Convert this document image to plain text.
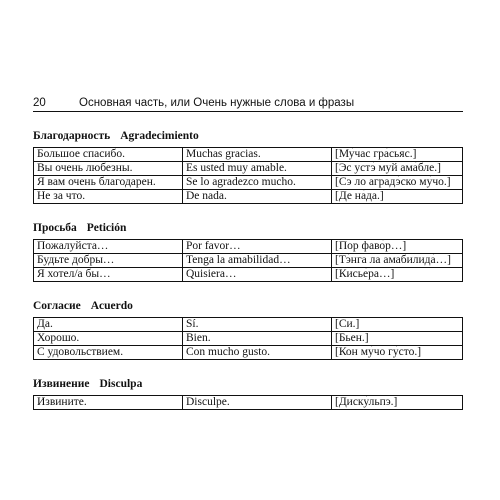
20	Основная часть, или Очень нужные слова и фразы
Благодарность Agradecimiento
Большое спасибо.	Muchas gracias.	[Му́час гра́сьяс.]
Вы очень любезны.	Es usted muy amable.	[Эс устэ́ муй ама́бле.]
Я вам очень благодарен.	Se lo agradezco mucho.	[Сэ ло аградэ́ско му́чо.]
Не за что.	De nada.	[Де на́да.]
Просьба Petición
Пожалуйста…	Por favor…	[Пор фаво́р…]
Будьте добры…	Tenga la amabilidad…	[Тэ́нга ла амабилида́…]
Я хотел/а бы…	Quisiera…	[Кисье́ра…]
Согласие Acuerdo
Да.	Sí.	[Си.]
Хорошо.	Bien.	[Бьен.]
С удовольствием.	Con mucho gusto.	[Кон му́чо гу́сто.]
Извинение Disculpa
Извините.	Disculpe.	[Диску́льпэ.]
